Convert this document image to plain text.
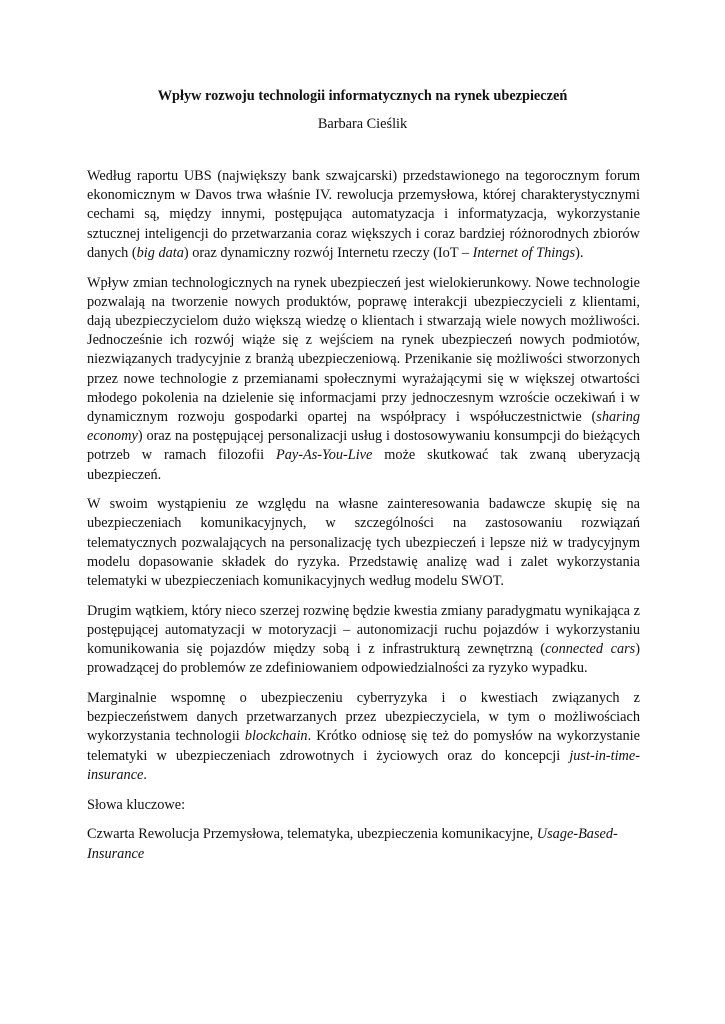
Wpływ rozwoju technologii informatycznych na rynek ubezpieczeń
Barbara Cieślik

Według raportu UBS (największy bank szwajcarski) przedstawionego na tegorocznym forum ekonomicznym w Davos trwa właśnie IV. rewolucja przemysłowa, której charakterystycznymi cechami są, między innymi, postępująca automatyzacja i informatyzacja, wykorzystanie sztucznej inteligencji do przetwarzania coraz większych i coraz bardziej różnorodnych zbiorów danych (big data) oraz dynamiczny rozwój Internetu rzeczy (IoT – Internet of Things).

Wpływ zmian technologicznych na rynek ubezpieczeń jest wielokierunkowy. Nowe technologie pozwalają na tworzenie nowych produktów, poprawę interakcji ubezpieczycieli z klientami, dają ubezpieczycielom dużo większą wiedzę o klientach i stwarzają wiele nowych możliwości. Jednocześnie ich rozwój wiąże się z wejściem na rynek ubezpieczeń nowych podmiotów, niezwiązanych tradycyjnie z branżą ubezpieczeniową. Przenikanie się możliwości stworzonych przez nowe technologie z przemianami społecznymi wyrażającymi się w większej otwartości młodego pokolenia na dzielenie się informacjami przy jednoczesnym wzroście oczekiwań i w dynamicznym rozwoju gospodarki opartej na współpracy i współuczestnictwie (sharing economy) oraz na postępującej personalizacji usług i dostosowywaniu konsumpcji do bieżących potrzeb w ramach filozofii Pay-As-You-Live może skutkować tak zwaną uberyzacją ubezpieczeń.

W swoim wystąpieniu ze względu na własne zainteresowania badawcze skupię się na ubezpieczeniach komunikacyjnych, w szczególności na zastosowaniu rozwiązań telematycznych pozwalających na personalizację tych ubezpieczeń i lepsze niż w tradycyjnym modelu dopasowanie składek do ryzyka. Przedstawię analizę wad i zalet wykorzystania telematyki w ubezpieczeniach komunikacyjnych według modelu SWOT.

Drugim wątkiem, który nieco szerzej rozwinę będzie kwestia zmiany paradygmatu wynikająca z postępującej automatyzacji w motoryzacji – autonomizacji ruchu pojazdów i wykorzystaniu komunikowania się pojazdów między sobą i z infrastrukturą zewnętrzną (connected cars) prowadzącej do problemów ze zdefiniowaniem odpowiedzialności za ryzyko wypadku.

Marginalnie wspomnę o ubezpieczeniu cyberryzyka i o kwestiach związanych z bezpieczeństwem danych przetwarzanych przez ubezpieczyciela, w tym o możliwościach wykorzystania technologii blockchain. Krótko odniosę się też do pomysłów na wykorzystanie telematyki w ubezpieczeniach zdrowotnych i życiowych oraz do koncepcji just-in-time-insurance.

Słowa kluczowe:

Czwarta Rewolucja Przemysłowa, telematyka, ubezpieczenia komunikacyjne, Usage-Based-Insurance
